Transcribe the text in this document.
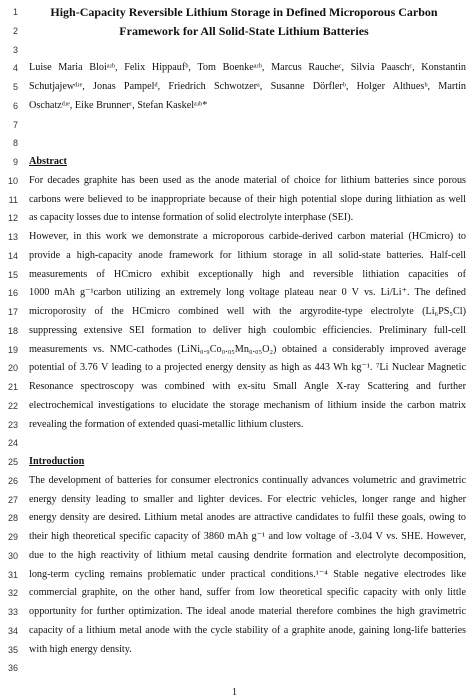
1	High-Capacity Reversible Lithium Storage in Defined Microporous Carbon
2	Framework for All Solid-State Lithium Batteries
3
4 Luise Maria Bloiᵃʴᵇ, Felix Hippaufᵇ, Tom Boenkeᵃʴᵇ, Marcus Raucheᶜ, Silvia Paaschᶜ, Konstantin
5 Schutjajewᵈʴᵉ, Jonas Pampelᵈ, Friedrich Schwotzerᵃ, Susanne Dörflerᵇ, Holger Althuesᵇ, Martin
6 Oschatzᵈʴᵉ, Eike Brunnerᶜ, Stefan Kaskelᵃʴᵇ*
7
8
9 Abstract
10 For decades graphite has been used as the anode material of choice for lithium batteries since porous
11 carbons were believed to be inappropriate because of their high potential slope during lithiation as well
12 as capacity losses due to intense formation of solid electrolyte interphase (SEI).
13 However, in this work we demonstrate a microporous carbide-derived carbon material (HCmicro) to
14 provide a high-capacity anode framework for lithium storage in all solid-state batteries. Half-cell
15 measurements of HCmicro exhibit exceptionally high and reversible lithiation capacities of
16 1000 mAh g⁻¹carbon utilizing an extremely long voltage plateau near 0 V vs. Li/Li⁺. The defined
17 microporosity of the HCmicro combined well with the argyrodite-type electrolyte (Li₆PS₅Cl)
18 suppressing extensive SEI formation to deliver high coulombic efficiencies. Preliminary full-cell
19 measurements vs. NMC-cathodes (LiNi₀.₉Co₀.₀₅Mn₀.₀₅O₂) obtained a considerably improved average
20 potential of 3.76 V leading to a projected energy density as high as 443 Wh kg⁻¹. ⁷Li Nuclear Magnetic
21 Resonance spectroscopy was combined with ex-situ Small Angle X-ray Scattering and further
22 electrochemical investigations to elucidate the storage mechanism of lithium inside the carbon matrix
23 revealing the formation of extended quasi-metallic lithium clusters.
24
25 Introduction
26 The development of batteries for consumer electronics continually advances volumetric and gravimetric
27 energy density leading to smaller and lighter devices. For electric vehicles, longer range and higher
28 energy density are desired. Lithium metal anodes are attractive candidates to fulfil these goals, owing to
29 their high theoretical specific capacity of 3860 mAh g⁻¹ and low voltage of -3.04 V vs. SHE. However,
30 due to the high reactivity of lithium metal causing dendrite formation and electrolyte decomposition,
31 long-term cycling remains problematic under practical conditions.¹⁻⁴ Stable negative electrodes like
32 commercial graphite, on the other hand, suffer from low theoretical specific capacity with only little
33 opportunity for further optimization. The ideal anode material therefore combines the high gravimetric
34 capacity of a lithium metal anode with the cycle stability of a graphite anode, gaining long-life batteries
35 with high energy density.
36
1
